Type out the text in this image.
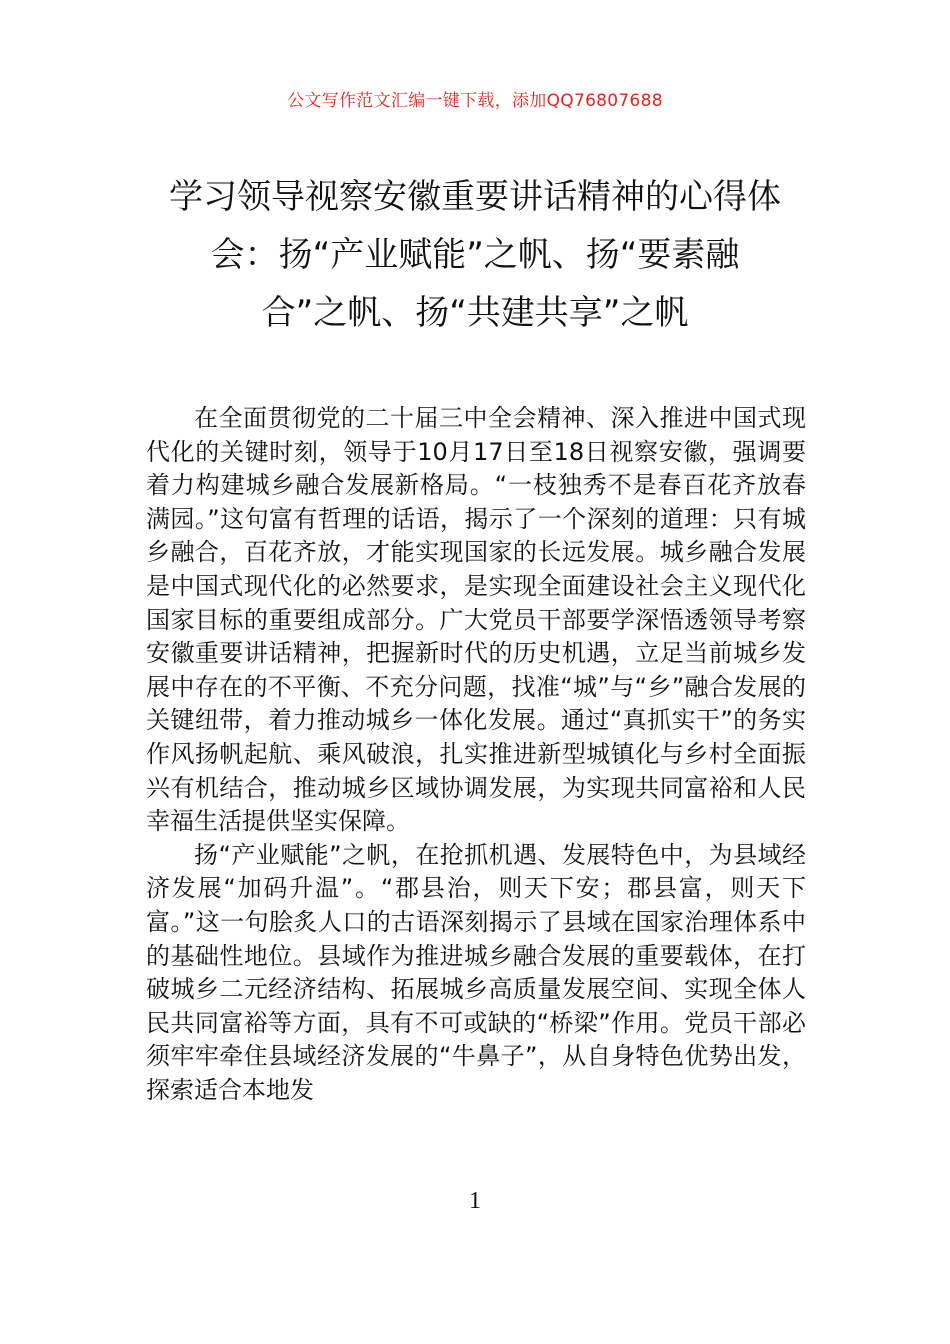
公文写作范文汇编一键下载，添加QQ76807688
学习领导视察安徽重要讲话精神的心得体
会：扬“产业赋能”之帆、扬“要素融
合”之帆、扬“共建共享”之帆

在全面贯彻党的二十届三中全会精神、深入推进中国式现代化的关键时刻，领导于10月17日至18日视察安徽，强调要着力构建城乡融合发展新格局。“一枝独秀不是春百花齐放春满园。”这句富有哲理的话语，揭示了一个深刻的道理：只有城乡融合，百花齐放，才能实现国家的长远发展。城乡融合发展是中国式现代化的必然要求，是实现全面建设社会主义现代化国家目标的重要组成部分。广大党员干部要学深悟透领导考察安徽重要讲话精神，把握新时代的历史机遇，立足当前城乡发展中存在的不平衡、不充分问题，找准“城”与“乡”融合发展的关键纽带，着力推动城乡一体化发展。通过“真抓实干”的务实作风扬帆起航、乘风破浪，扎实推进新型城镇化与乡村全面振兴有机结合，推动城乡区域协调发展，为实现共同富裕和人民幸福生活提供坚实保障。

扬“产业赋能”之帆，在抢抓机遇、发展特色中，为县域经济发展“加码升温”。“郡县治，则天下安；郡县富，则天下富。”这一句脍炙人口的古语深刻揭示了县域在国家治理体系中的基础性地位。县域作为推进城乡融合发展的重要载体，在打破城乡二元经济结构、拓展城乡高质量发展空间、实现全体人民共同富裕等方面，具有不可或缺的“桥梁”作用。党员干部必须牢牢牵住县域经济发展的“牛鼻子”，从自身特色优势出发，探索适合本地发

1
